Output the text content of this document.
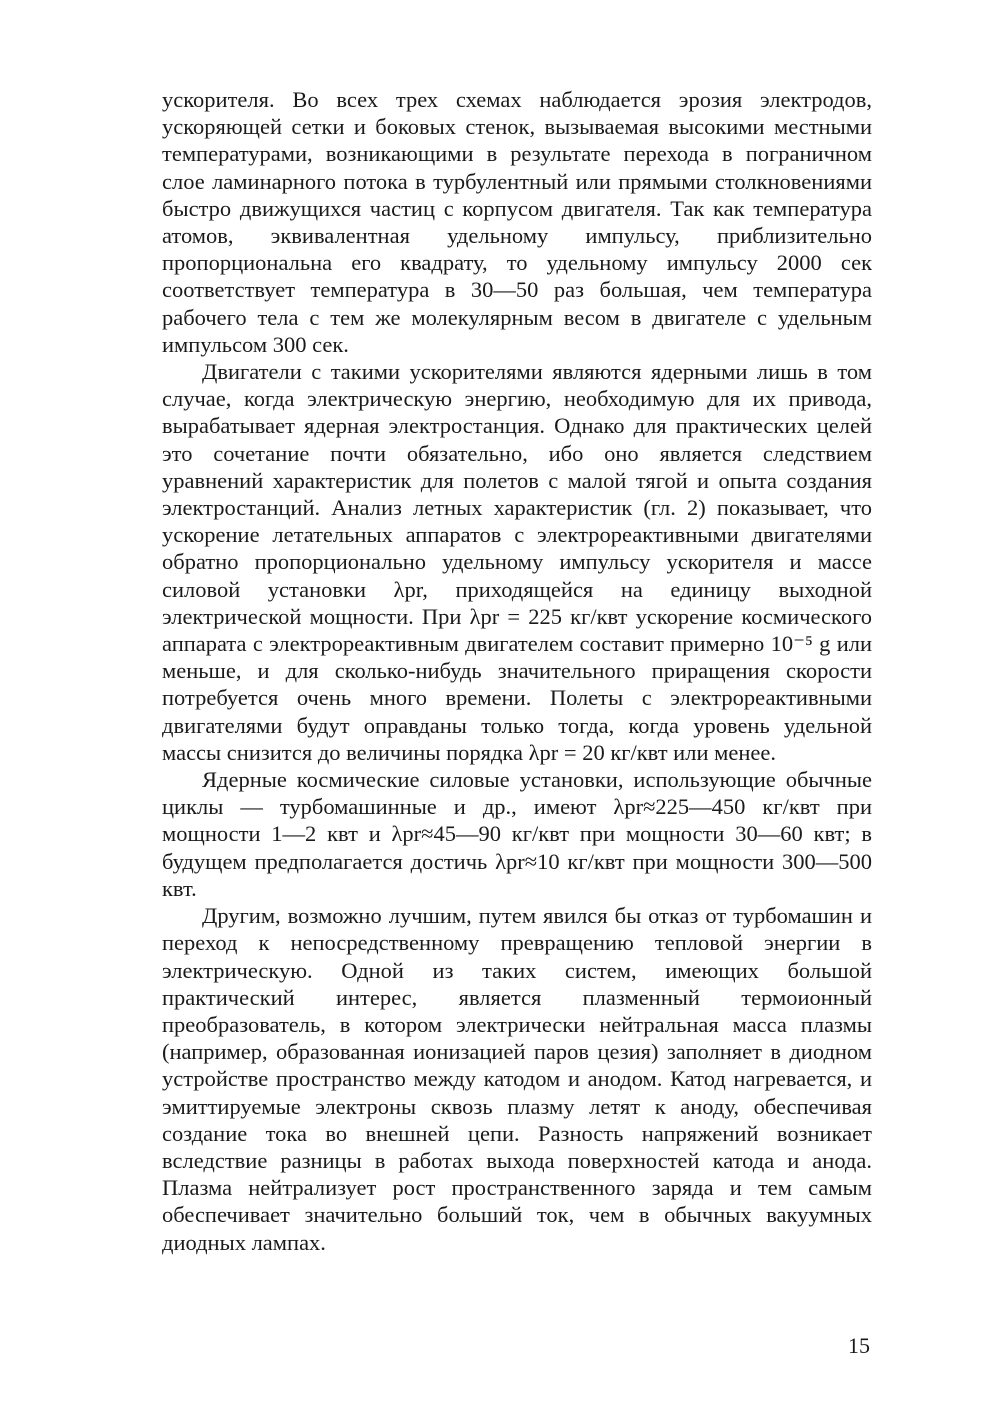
ускорителя. Во всех трех схемах наблюдается эрозия электродов, ускоряющей сетки и боковых стенок, вызываемая высокими местными температурами, возникающими в результате перехода в пограничном слое ламинарного потока в турбулентный или прямыми столкновениями быстро движущихся частиц с корпусом двигателя. Так как температура атомов, эквивалентная удельному импульсу, приблизительно пропорциональна его квадрату, то удельному импульсу 2000 сек соответствует температура в 30—50 раз большая, чем температура рабочего тела с тем же молекулярным весом в двигателе с удельным импульсом 300 сек.

Двигатели с такими ускорителями являются ядерными лишь в том случае, когда электрическую энергию, необходимую для их привода, вырабатывает ядерная электростанция. Однако для практических целей это сочетание почти обязательно, ибо оно является следствием уравнений характеристик для полетов с малой тягой и опыта создания электростанций. Анализ летных характеристик (гл. 2) показывает, что ускорение летательных аппаратов с электрореактивными двигателями обратно пропорционально удельному импульсу ускорителя и массе силовой установки λpr, приходящейся на единицу выходной электрической мощности. При λpr = 225 кг/квт ускорение космического аппарата с электрореактивным двигателем составит примерно 10⁻⁵ g или меньше, и для сколько-нибудь значительного приращения скорости потребуется очень много времени. Полеты с электрореактивными двигателями будут оправданы только тогда, когда уровень удельной массы снизится до величины порядка λpr = 20 кг/квт или менее.

Ядерные космические силовые установки, использующие обычные циклы — турбомашинные и др., имеют λpr≈225—450 кг/квт при мощности 1—2 квт и λpr≈45—90 кг/квт при мощности 30—60 квт; в будущем предполагается достичь λpr≈10 кг/квт при мощности 300—500 квт.

Другим, возможно лучшим, путем явился бы отказ от турбомашин и переход к непосредственному превращению тепловой энергии в электрическую. Одной из таких систем, имеющих большой практический интерес, является плазменный термоионный преобразователь, в котором электрически нейтральная масса плазмы (например, образованная ионизацией паров цезия) заполняет в диодном устройстве пространство между катодом и анодом. Катод нагревается, и эмиттируемые электроны сквозь плазму летят к аноду, обеспечивая создание тока во внешней цепи. Разность напряжений возникает вследствие разницы в работах выхода поверхностей катода и анода. Плазма нейтрализует рост пространственного заряда и тем самым обеспечивает значительно больший ток, чем в обычных вакуумных диодных лампах.

15
